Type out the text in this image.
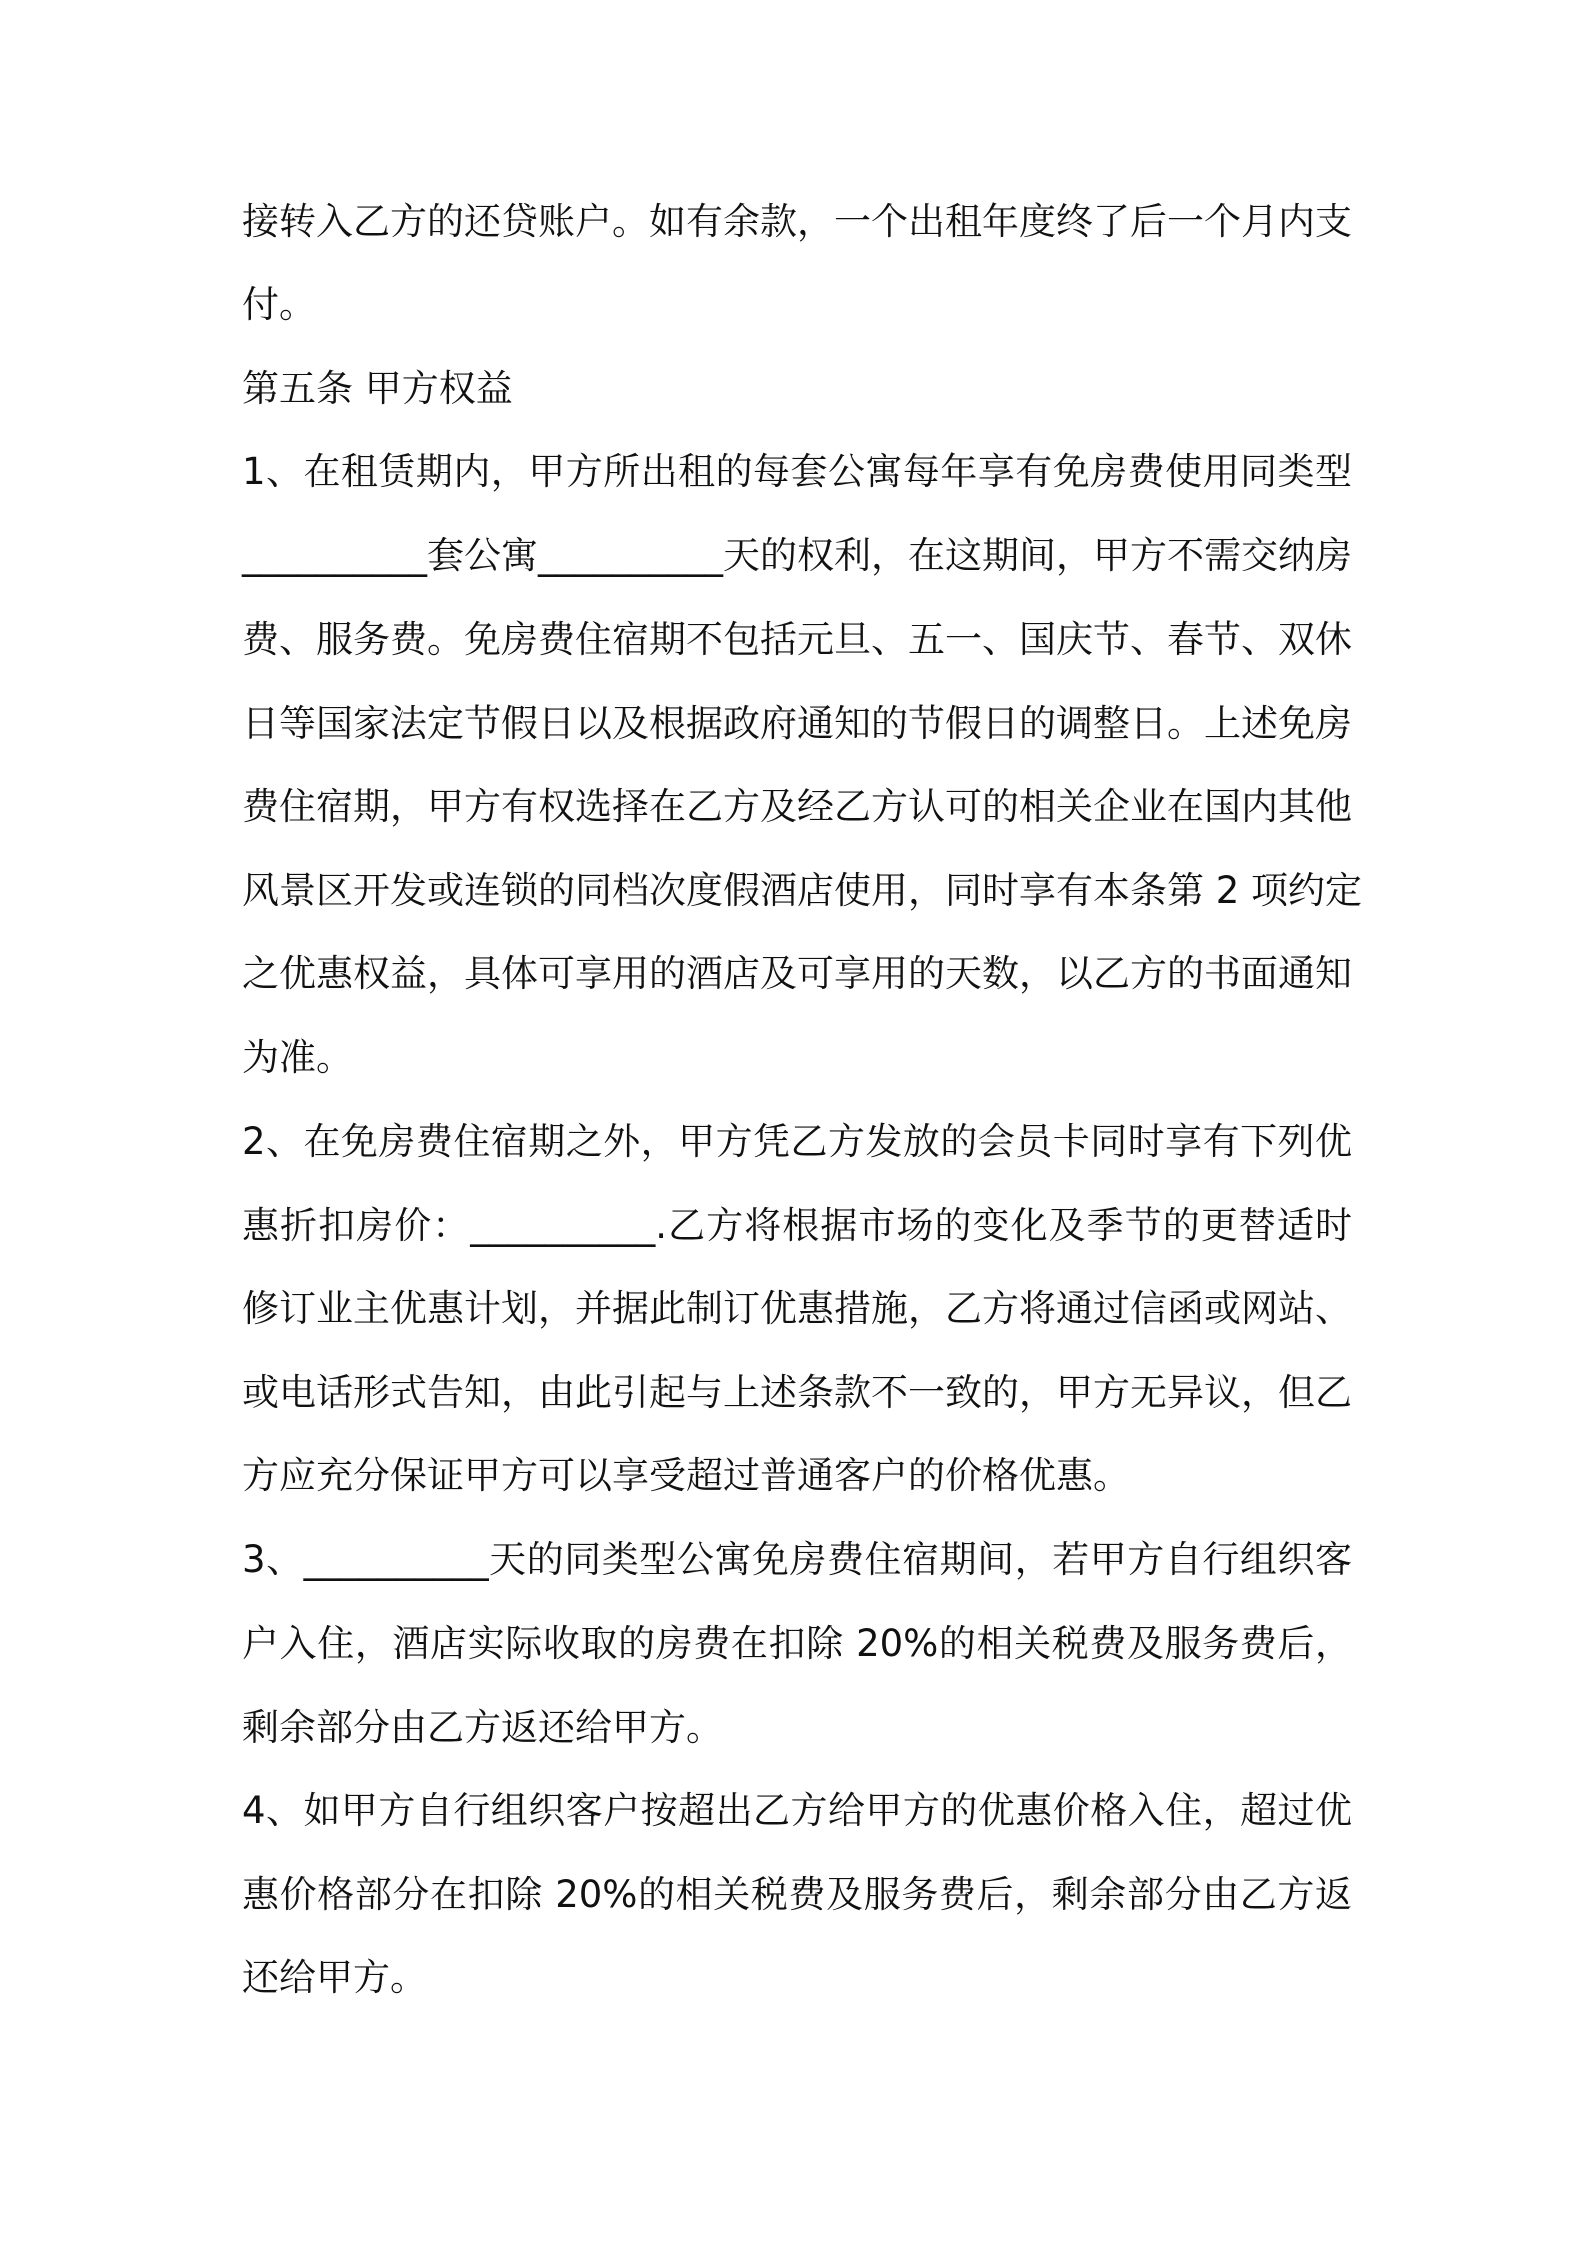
接转入乙方的还贷账户。如有余款，一个出租年度终了后一个月内支
付。
第五条 甲方权益
1、在租赁期内，甲方所出租的每套公寓每年享有免房费使用同类型
__________套公寓__________天的权利，在这期间，甲方不需交纳房
费、服务费。免房费住宿期不包括元旦、五一、国庆节、春节、双休
日等国家法定节假日以及根据政府通知的节假日的调整日。上述免房
费住宿期，甲方有权选择在乙方及经乙方认可的相关企业在国内其他
风景区开发或连锁的同档次度假酒店使用，同时享有本条第 2 项约定
之优惠权益，具体可享用的酒店及可享用的天数，以乙方的书面通知
为准。
2、在免房费住宿期之外，甲方凭乙方发放的会员卡同时享有下列优
惠折扣房价：__________.乙方将根据市场的变化及季节的更替适时
修订业主优惠计划，并据此制订优惠措施，乙方将通过信函或网站、
或电话形式告知，由此引起与上述条款不一致的，甲方无异议，但乙
方应充分保证甲方可以享受超过普通客户的价格优惠。
3、__________天的同类型公寓免房费住宿期间，若甲方自行组织客
户入住，酒店实际收取的房费在扣除 20%的相关税费及服务费后，
剩余部分由乙方返还给甲方。
4、如甲方自行组织客户按超出乙方给甲方的优惠价格入住，超过优
惠价格部分在扣除 20%的相关税费及服务费后，剩余部分由乙方返
还给甲方。
